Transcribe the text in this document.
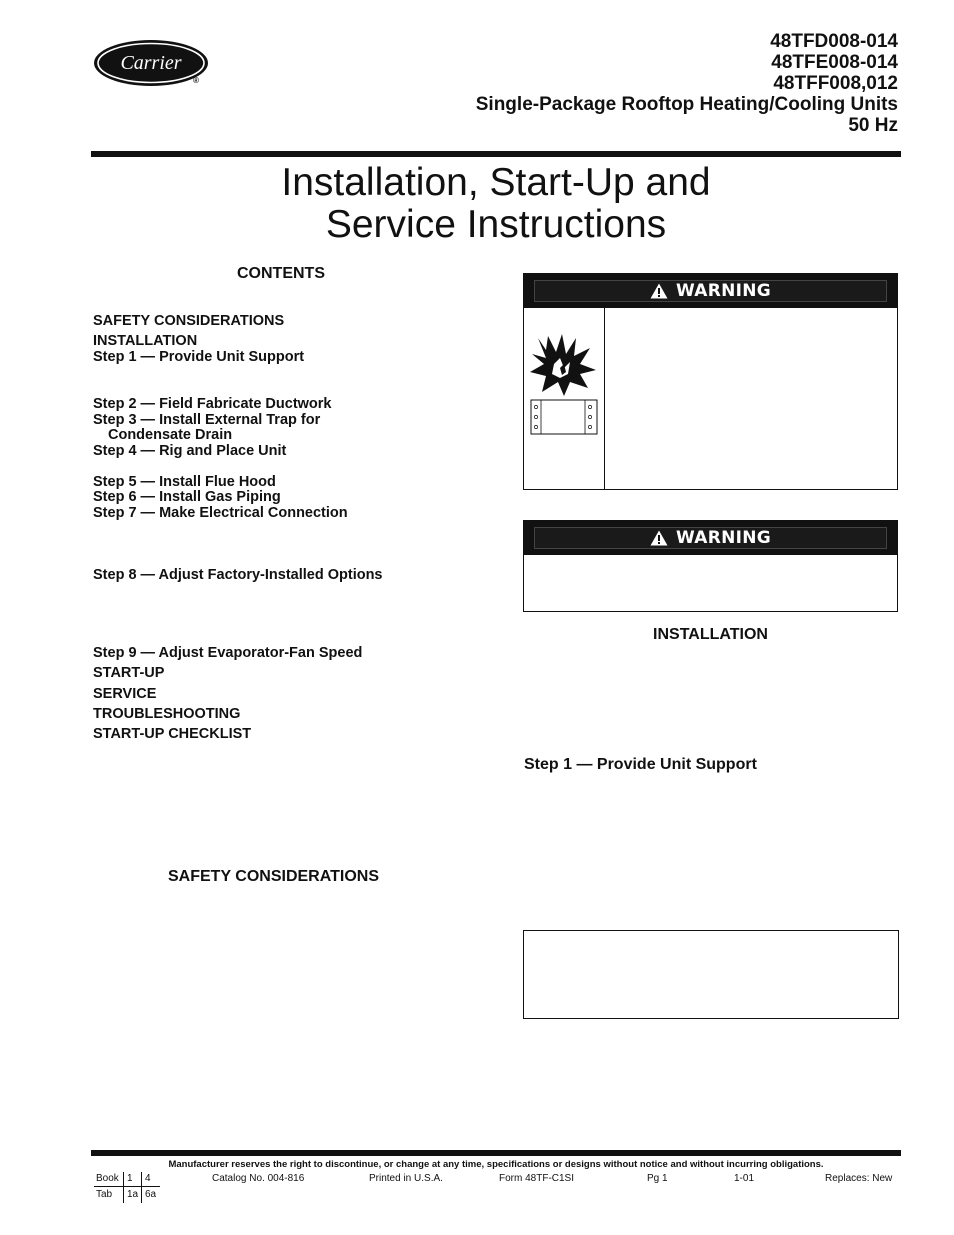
Carrier
®
48TFD008-014
48TFE008-014
48TFF008,012
Single-Package Rooftop Heating/Cooling Units
50 Hz
Installation, Start-Up and
Service Instructions
CONTENTS
SAFETY CONSIDERATIONS
INSTALLATION
Step 1 — Provide Unit Support
Step 2 — Field Fabricate Ductwork
Step 3 — Install External Trap for
Condensate Drain
Step 4 — Rig and Place Unit
Step 5 — Install Flue Hood
Step 6 — Install Gas Piping
Step 7 — Make Electrical Connection
Step 8 — Adjust Factory-Installed Options
Step 9 — Adjust Evaporator-Fan Speed
START-UP
SERVICE
TROUBLESHOOTING
START-UP CHECKLIST
SAFETY CONSIDERATIONS
WARNING
WARNING
INSTALLATION
Step 1 — Provide Unit Support
Manufacturer reserves the right to discontinue, or change at any time, specifications or designs without notice and without incurring obligations.
Book 1 4
Tab 1a 6a
Catalog No. 004-816	Printed in U.S.A.	Form 48TF-C1SI	Pg 1	1-01	Replaces: New
